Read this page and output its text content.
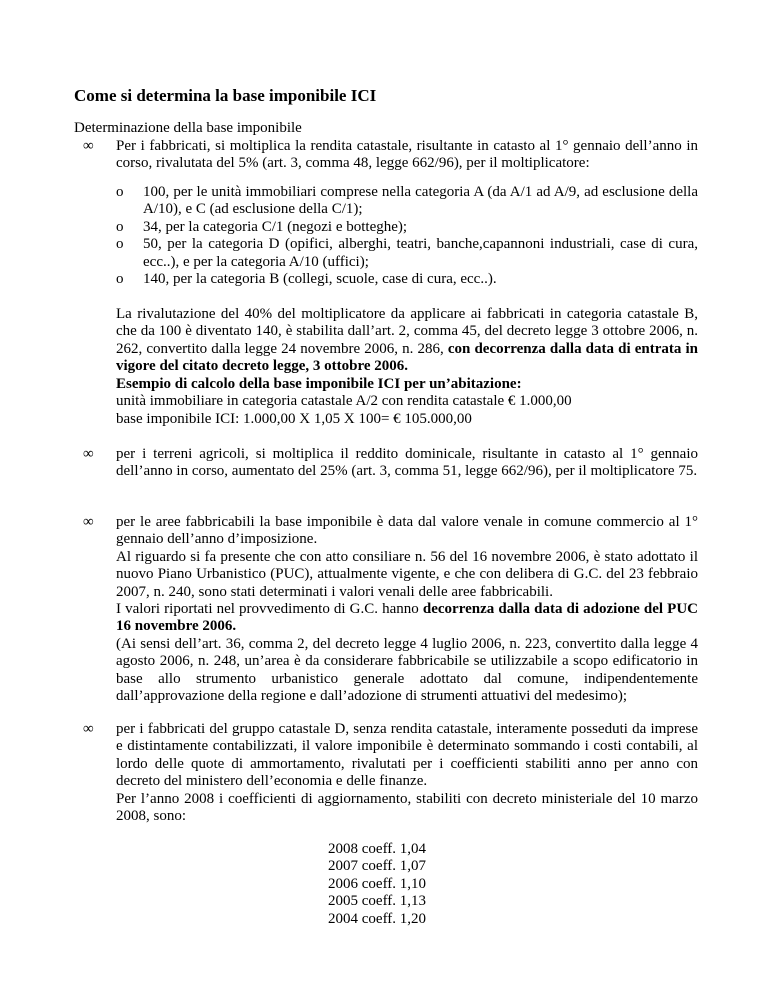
Come si determina la base imponibile ICI
Determinazione della base imponibile
∞	Per i fabbricati, si moltiplica la rendita catastale, risultante in catasto al 1° gennaio dell’anno in corso, rivalutata del 5% (art. 3, comma 48, legge 662/96), per il moltiplicatore:
o 100, per le unità immobiliari comprese nella categoria A (da A/1 ad A/9, ad esclusione della A/10), e C (ad esclusione della C/1);
o 34, per la categoria C/1 (negozi e botteghe);
o 50, per la categoria D (opifici, alberghi, teatri, banche,capannoni industriali, case di cura, ecc..), e per la categoria A/10 (uffici);
o 140, per la categoria B (collegi, scuole, case di cura, ecc..).
La rivalutazione del 40% del moltiplicatore da applicare ai fabbricati in categoria catastale B, che da 100 è diventato 140, è stabilita dall’art. 2, comma 45, del decreto legge 3 ottobre 2006, n. 262, convertito dalla legge 24 novembre 2006, n. 286, con decorrenza dalla data di entrata in vigore del citato decreto legge, 3 ottobre 2006.
Esempio di calcolo della base imponibile ICI per un’abitazione:
unità immobiliare in categoria catastale A/2 con rendita catastale € 1.000,00
base imponibile ICI: 1.000,00 X 1,05 X 100= € 105.000,00
∞	per i terreni agricoli, si moltiplica il reddito dominicale, risultante in catasto al 1° gennaio dell’anno in corso, aumentato del 25% (art. 3, comma 51, legge 662/96), per il moltiplicatore 75.
∞	per le aree fabbricabili la base imponibile è data dal valore venale in comune commercio al 1° gennaio dell’anno d’imposizione.
Al riguardo si fa presente che con atto consiliare n. 56 del 16 novembre 2006, è stato adottato il nuovo Piano Urbanistico (PUC), attualmente vigente, e che con delibera di G.C. del 23 febbraio 2007, n. 240, sono stati determinati i valori venali delle aree fabbricabili.
I valori riportati nel provvedimento di G.C. hanno decorrenza dalla data di adozione del PUC 16 novembre 2006.
(Ai sensi dell’art. 36, comma 2, del decreto legge 4 luglio 2006, n. 223, convertito dalla legge 4 agosto 2006, n. 248, un’area è da considerare fabbricabile se utilizzabile a scopo edificatorio in base allo strumento urbanistico generale adottato dal comune, indipendentemente dall’approvazione della regione e dall’adozione di strumenti attuativi del medesimo);
∞	per i fabbricati del gruppo catastale D, senza rendita catastale, interamente posseduti da imprese e distintamente contabilizzati, il valore imponibile è determinato sommando i costi contabili, al lordo delle quote di ammortamento, rivalutati per i coefficienti stabiliti anno per anno con decreto del ministero dell’economia e delle finanze.
Per l’anno 2008 i coefficienti di aggiornamento, stabiliti con decreto ministeriale del 10 marzo 2008, sono:
2008 coeff. 1,04
2007 coeff. 1,07
2006 coeff. 1,10
2005 coeff. 1,13
2004 coeff. 1,20
